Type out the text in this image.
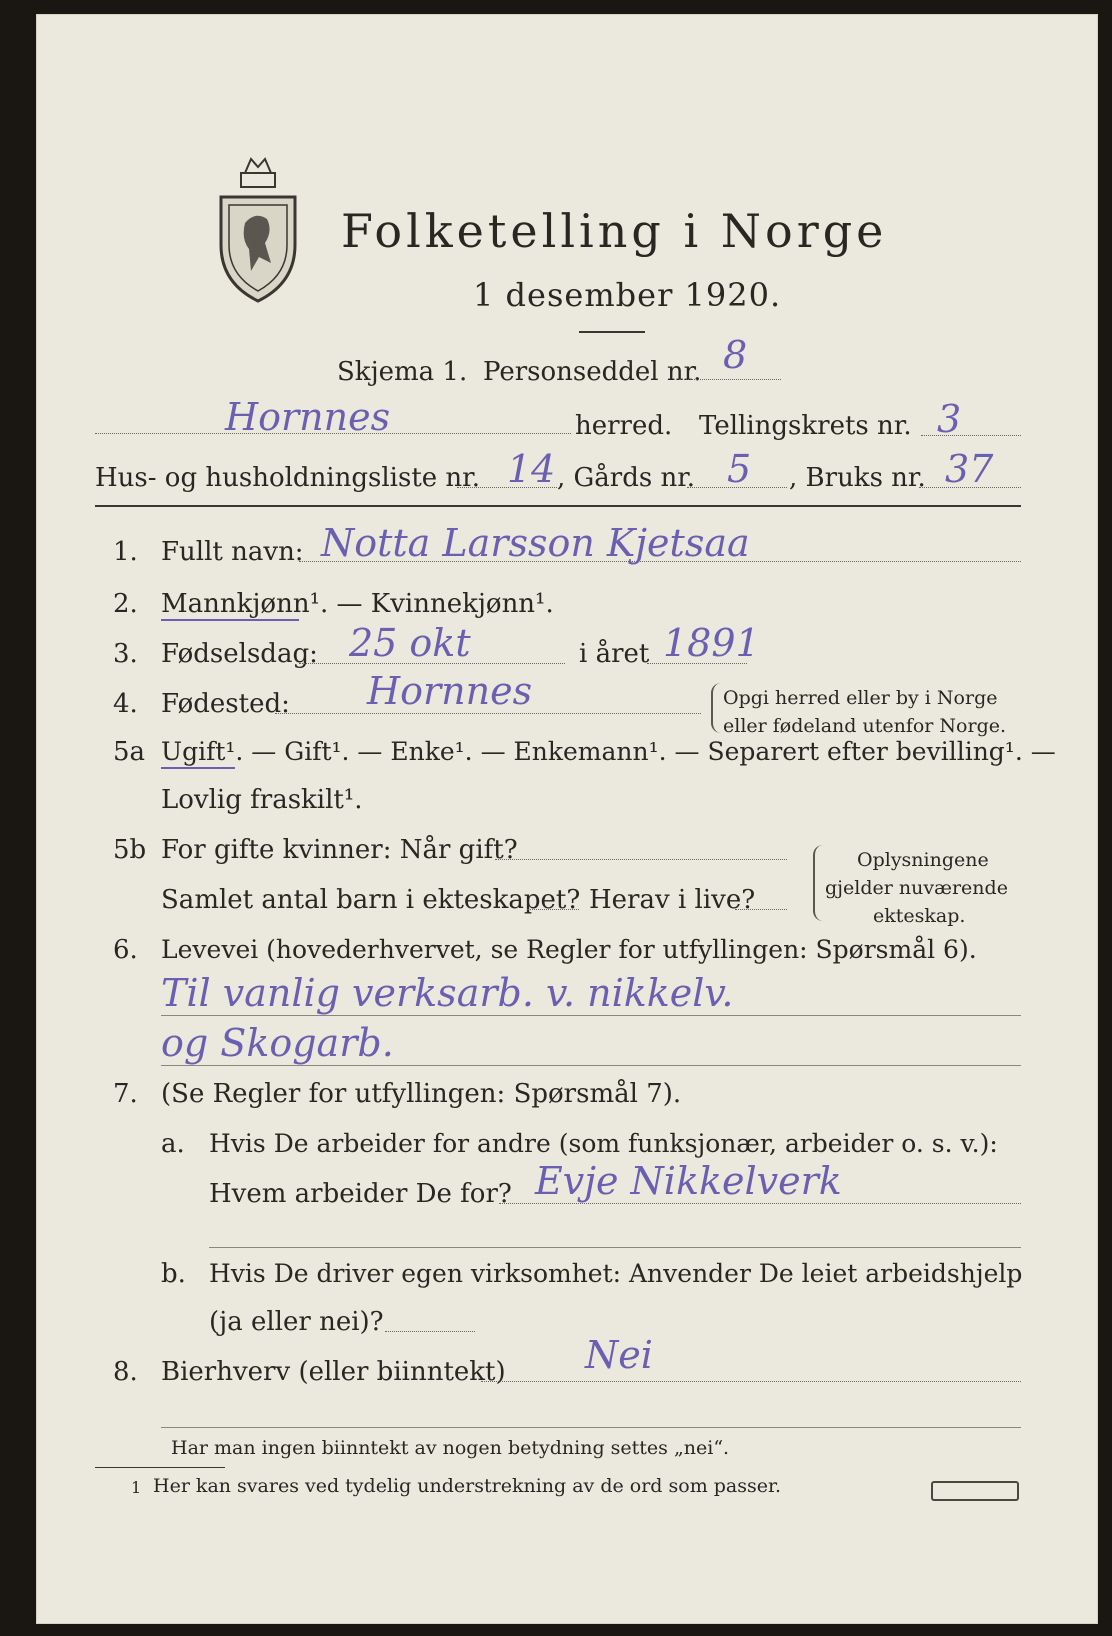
Folketelling i Norge
1 desember 1920.
Skjema 1. Personseddel nr. 8
Hornnes	herred. Tellingskrets nr. 3
Hus- og husholdningsliste nr. 14 , Gårds nr. 5 , Bruks nr. 37
1. Fullt navn: Notta Larsson Kjetsaa
2. Mannkjønn¹. — Kvinnekjønn¹.
3. Fødselsdag: 25 okt	i året 1891
4. Fødested: Hornnes	Opgi herred eller by i Norge
eller fødeland utenfor Norge.
5a Ugift¹. — Gift¹. — Enke¹. — Enkemann¹. — Separert efter bevilling¹. —
Lovlig fraskilt¹.
5b For gifte kvinner: Når gift?
Samlet antal barn i ekteskapet? Herav i live?
Oplysningene
gjelder nuværende
ekteskap.
6. Levevei (hovederhvervet, se Regler for utfyllingen: Spørsmål 6).
Til vanlig verksarb. v. nikkelv.
og Skogarb.
7. (Se Regler for utfyllingen: Spørsmål 7).
a. Hvis De arbeider for andre (som funksjonær, arbeider o. s. v.):
Hvem arbeider De for? Evje Nikkelverk
b. Hvis De driver egen virksomhet: Anvender De leiet arbeidshjelp
(ja eller nei)?
8. Bierhverv (eller biinntekt) Nei
Har man ingen biinntekt av nogen betydning settes „nei“.
1 Her kan svares ved tydelig understrekning av de ord som passer.
